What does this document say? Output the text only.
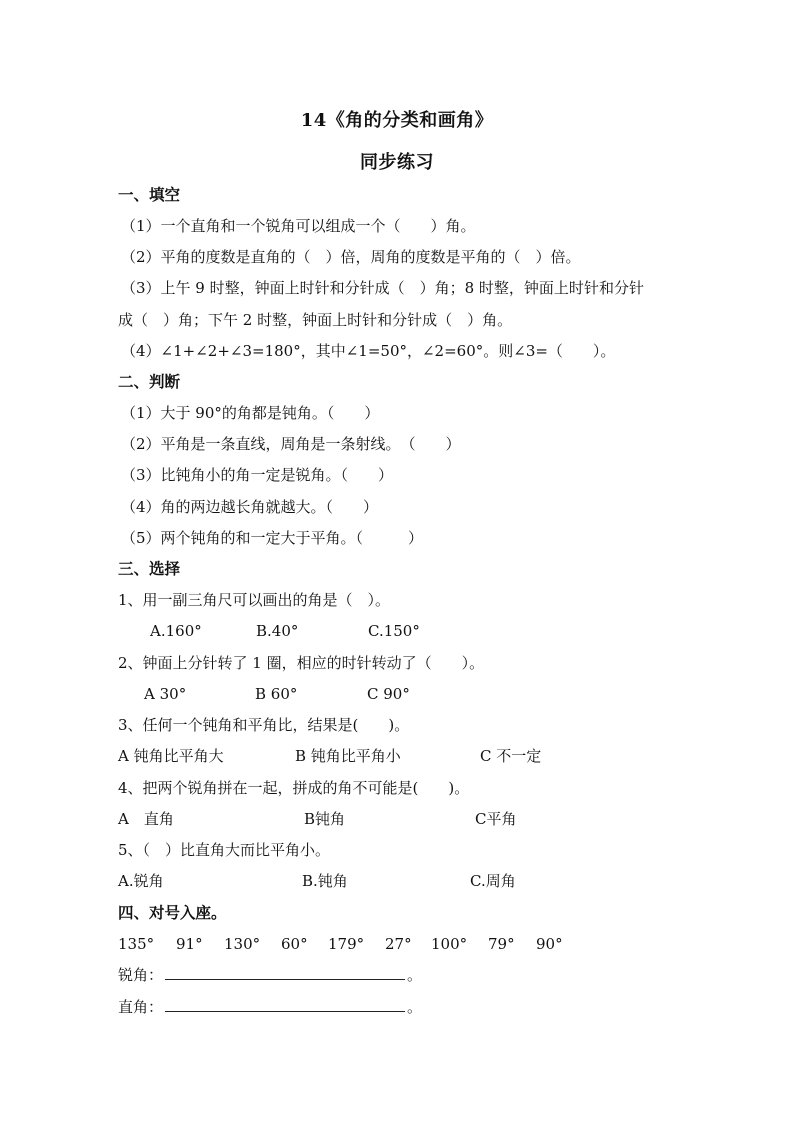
14《角的分类和画角》
同步练习
一、填空
（1）一个直角和一个锐角可以组成一个（　　）角。
（2）平角的度数是直角的（　）倍，周角的度数是平角的（　）倍。
（3）上午 9 时整，钟面上时针和分针成（　）角；8 时整，钟面上时针和分针
成（　）角；下午 2 时整，钟面上时针和分针成（　）角。
（4）∠1+∠2+∠3=180°，其中∠1=50°，∠2=60°。则∠3=（　　）。
二、判断
（1）大于 90°的角都是钝角。（　　）
（2）平角是一条直线，周角是一条射线。　（　　）
（3）比钝角小的角一定是锐角。（　　）
（4）角的两边越长角就越大。（　　）
（5）两个钝角的和一定大于平角。（　　　）
三、选择
1、用一副三角尺可以画出的角是（　）。
A.160°	B.40°	C.150°
2、钟面上分针转了 1 圈，相应的时针转动了（　　）。
A 30°	B 60°	C 90°
3、任何一个钝角和平角比，结果是(　　)。
A 钝角比平角大	B 钝角比平角小	C 不一定
4、把两个锐角拼在一起，拼成的角不可能是(　　)。
A　直角	B钝角	C平角
5、（　）比直角大而比平角小。
A.锐角	B.钝角	C.周角
四、对号入座。
135° 91° 130° 60° 179° 27° 100° 79° 90°
锐角：	。
直角：	。
